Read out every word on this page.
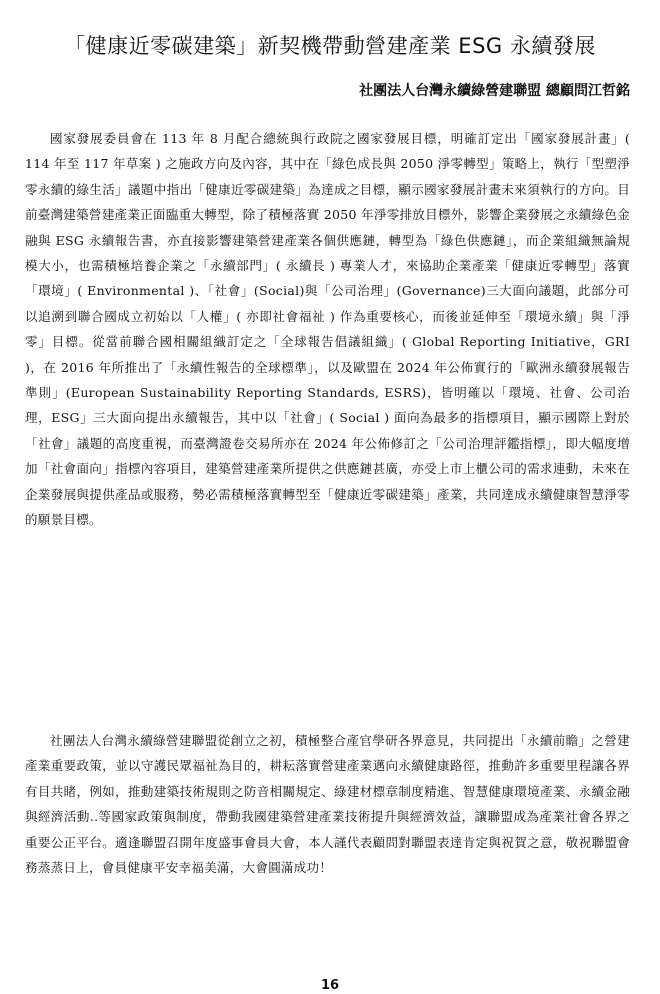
「健康近零碳建築」新契機帶動營建產業 ESG 永續發展

社團法人台灣永續綠營建聯盟 總顧問江哲銘

國家發展委員會在 113 年 8 月配合總統與行政院之國家發展目標，明確訂定出「國家發展計畫」( 114 年至 117 年草案 ) 之施政方向及內容，其中在「綠色成長與 2050 淨零轉型」策略上，執行「型塑淨零永續的綠生活」議題中指出「健康近零碳建築」為達成之目標，顯示國家發展計畫未來須執行的方向。目前臺灣建築營建產業正面臨重大轉型，除了積極落實 2050 年淨零排放目標外，影響企業發展之永續綠色金融與 ESG 永續報告書，亦直接影響建築營建產業各個供應鏈，轉型為「綠色供應鏈」，而企業組織無論規模大小，也需積極培養企業之「永續部門」( 永續長 ) 專業人才，來協助企業產業「健康近零轉型」落實「環境」( Environmental )、「社會」(Social)與「公司治理」(Governance)三大面向議題，此部分可以追溯到聯合國成立初始以「人權」( 亦即社會福祉 ) 作為重要核心，而後並延伸至「環境永續」與「淨零」目標。從當前聯合國相關組織訂定之「全球報告倡議組織」( Global Reporting Initiative，GRI )，在 2016 年所推出了「永續性報告的全球標準」，以及歐盟在 2024 年公佈實行的「歐洲永續發展報告準則」(European Sustainability Reporting Standards, ESRS)，皆明確以「環境、社會、公司治理，ESG」三大面向提出永續報告，其中以「社會」( Social ) 面向為最多的指標項目，顯示國際上對於「社會」議題的高度重視，而臺灣證卷交易所亦在 2024 年公佈修訂之「公司治理評鑑指標」，即大幅度增加「社會面向」指標內容項目，建築營建產業所提供之供應鏈甚廣，亦受上市上櫃公司的需求連動，未來在企業發展與提供產品或服務，勢必需積極落實轉型至「健康近零碳建築」產業，共同達成永續健康智慧淨零的願景目標。

社團法人台灣永續綠營建聯盟從創立之初，積極整合產官學研各界意見，共同提出「永續前瞻」之營建產業重要政策，並以守護民眾福祉為目的，耕耘落實營建產業邁向永續健康路徑，推動許多重要里程讓各界有目共睹，例如，推動建築技術規則之防音相關規定、綠建材標章制度精進、智慧健康環境產業、永續金融與經濟活動..等國家政策與制度，帶動我國建築營建產業技術提升與經濟效益，讓聯盟成為產業社會各界之重要公正平台。適逢聯盟召開年度盛事會員大會，本人謹代表顧問對聯盟表達肯定與祝賀之意，敬祝聯盟會務蒸蒸日上，會員健康平安幸福美滿，大會圓滿成功！

16
